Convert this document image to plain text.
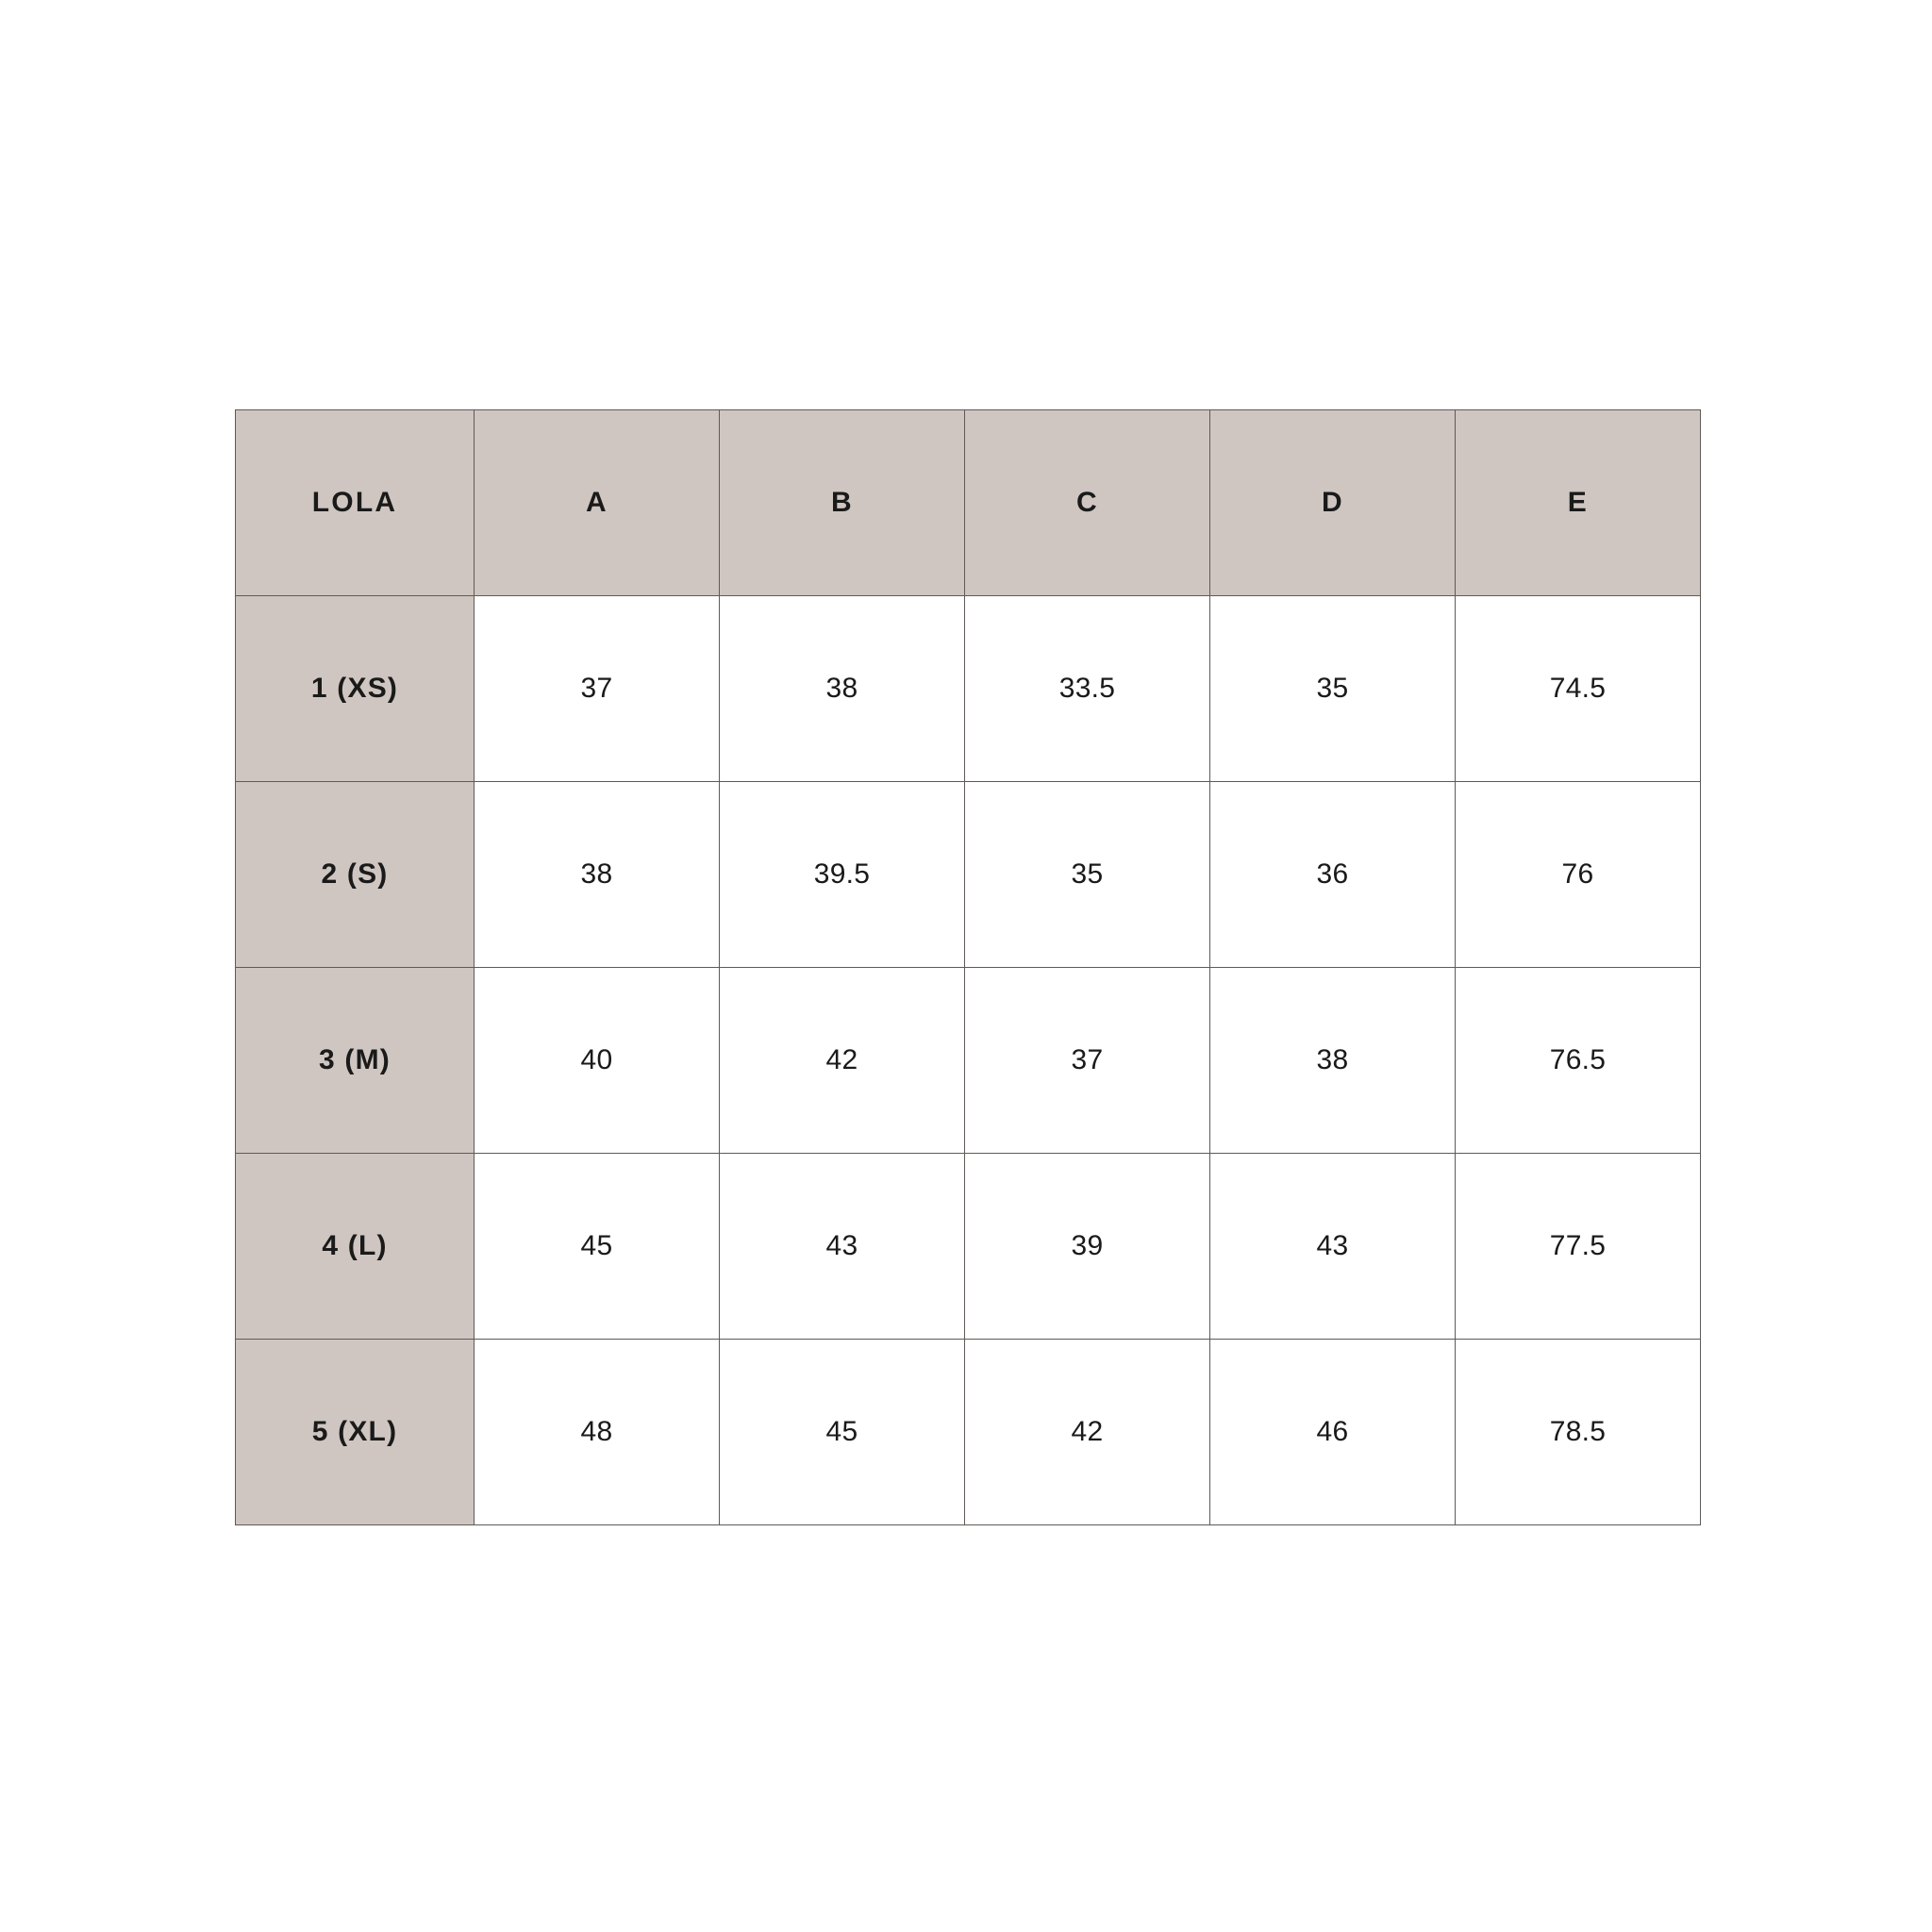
LOLA	A	B	C	D	E
1 (XS)	37	38	33.5	35	74.5
2 (S)	38	39.5	35	36	76
3 (M)	40	42	37	38	76.5
4 (L)	45	43	39	43	77.5
5 (XL)	48	45	42	46	78.5
